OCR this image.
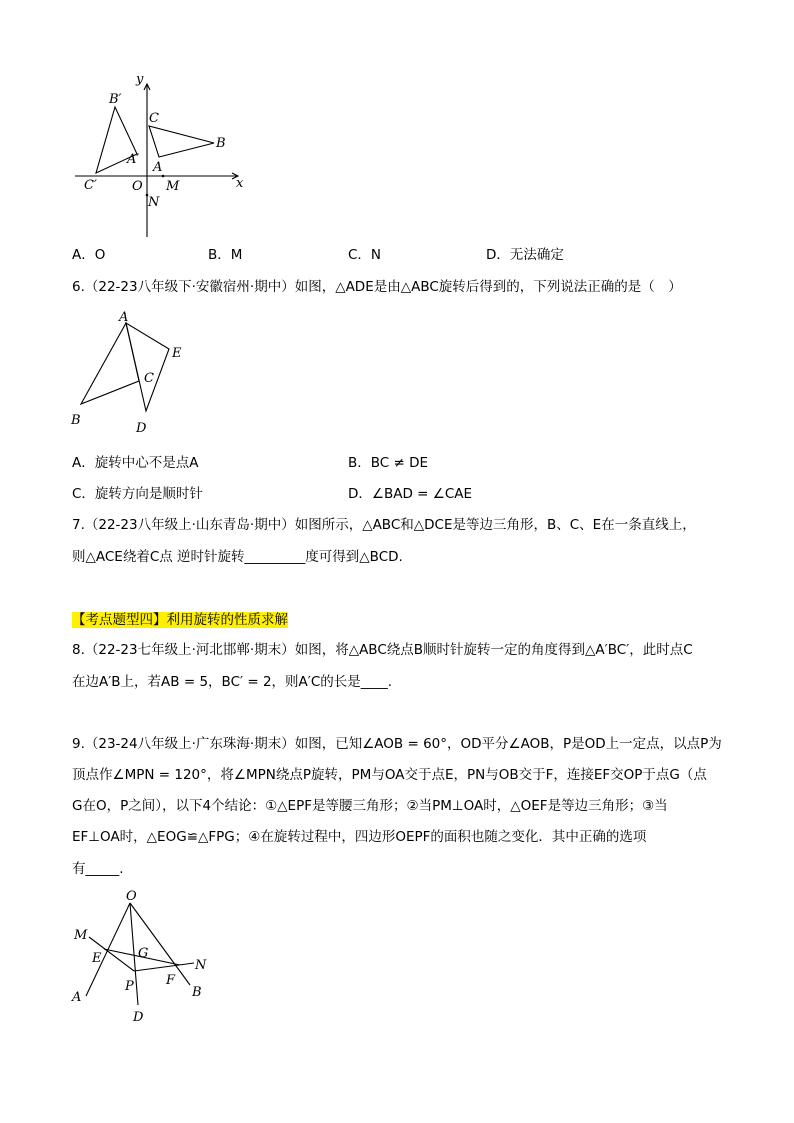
y
x
O
B′
A′
C′
C
B
A
M
N
A．O	B．M	C．N	D．无法确定
6.（22-23八年级下·安徽宿州·期中）如图，△ADE是由△ABC旋转后得到的，下列说法正确的是（　）
A
E
C
B
D
A．旋转中心不是点A	B．BC ≠ DE
C．旋转方向是顺时针	D．∠BAD = ∠CAE
7.（22-23八年级上·山东青岛·期中）如图所示，△ABC和△DCE是等边三角形，B、C、E在一条直线上，
则△ACE绕着C点 逆时针旋转_________度可得到△BCD.
【考点题型四】利用旋转的性质求解
8.（22-23七年级上·河北邯郸·期末）如图，将△ABC绕点B顺时针旋转一定的角度得到△A′BC′，此时点C
在边A′B上，若AB = 5，BC′ = 2，则A′C的长是____.
9.（23-24八年级上·广东珠海·期末）如图，已知∠AOB = 60°，OD平分∠AOB，P是OD上一定点，以点P为
顶点作∠MPN = 120°，将∠MPN绕点P旋转，PM与OA交于点E，PN与OB交于F，连接EF交OP于点G（点
G在O，P之间），以下4个结论：①△EPF是等腰三角形；②当PM⊥OA时，△OEF是等边三角形；③当
EF⊥OA时，△EOG≌△FPG；④在旋转过程中，四边形OEPF的面积也随之变化．其中正确的选项
有_____.
O
M
G
E	N
P F
A	B
D
